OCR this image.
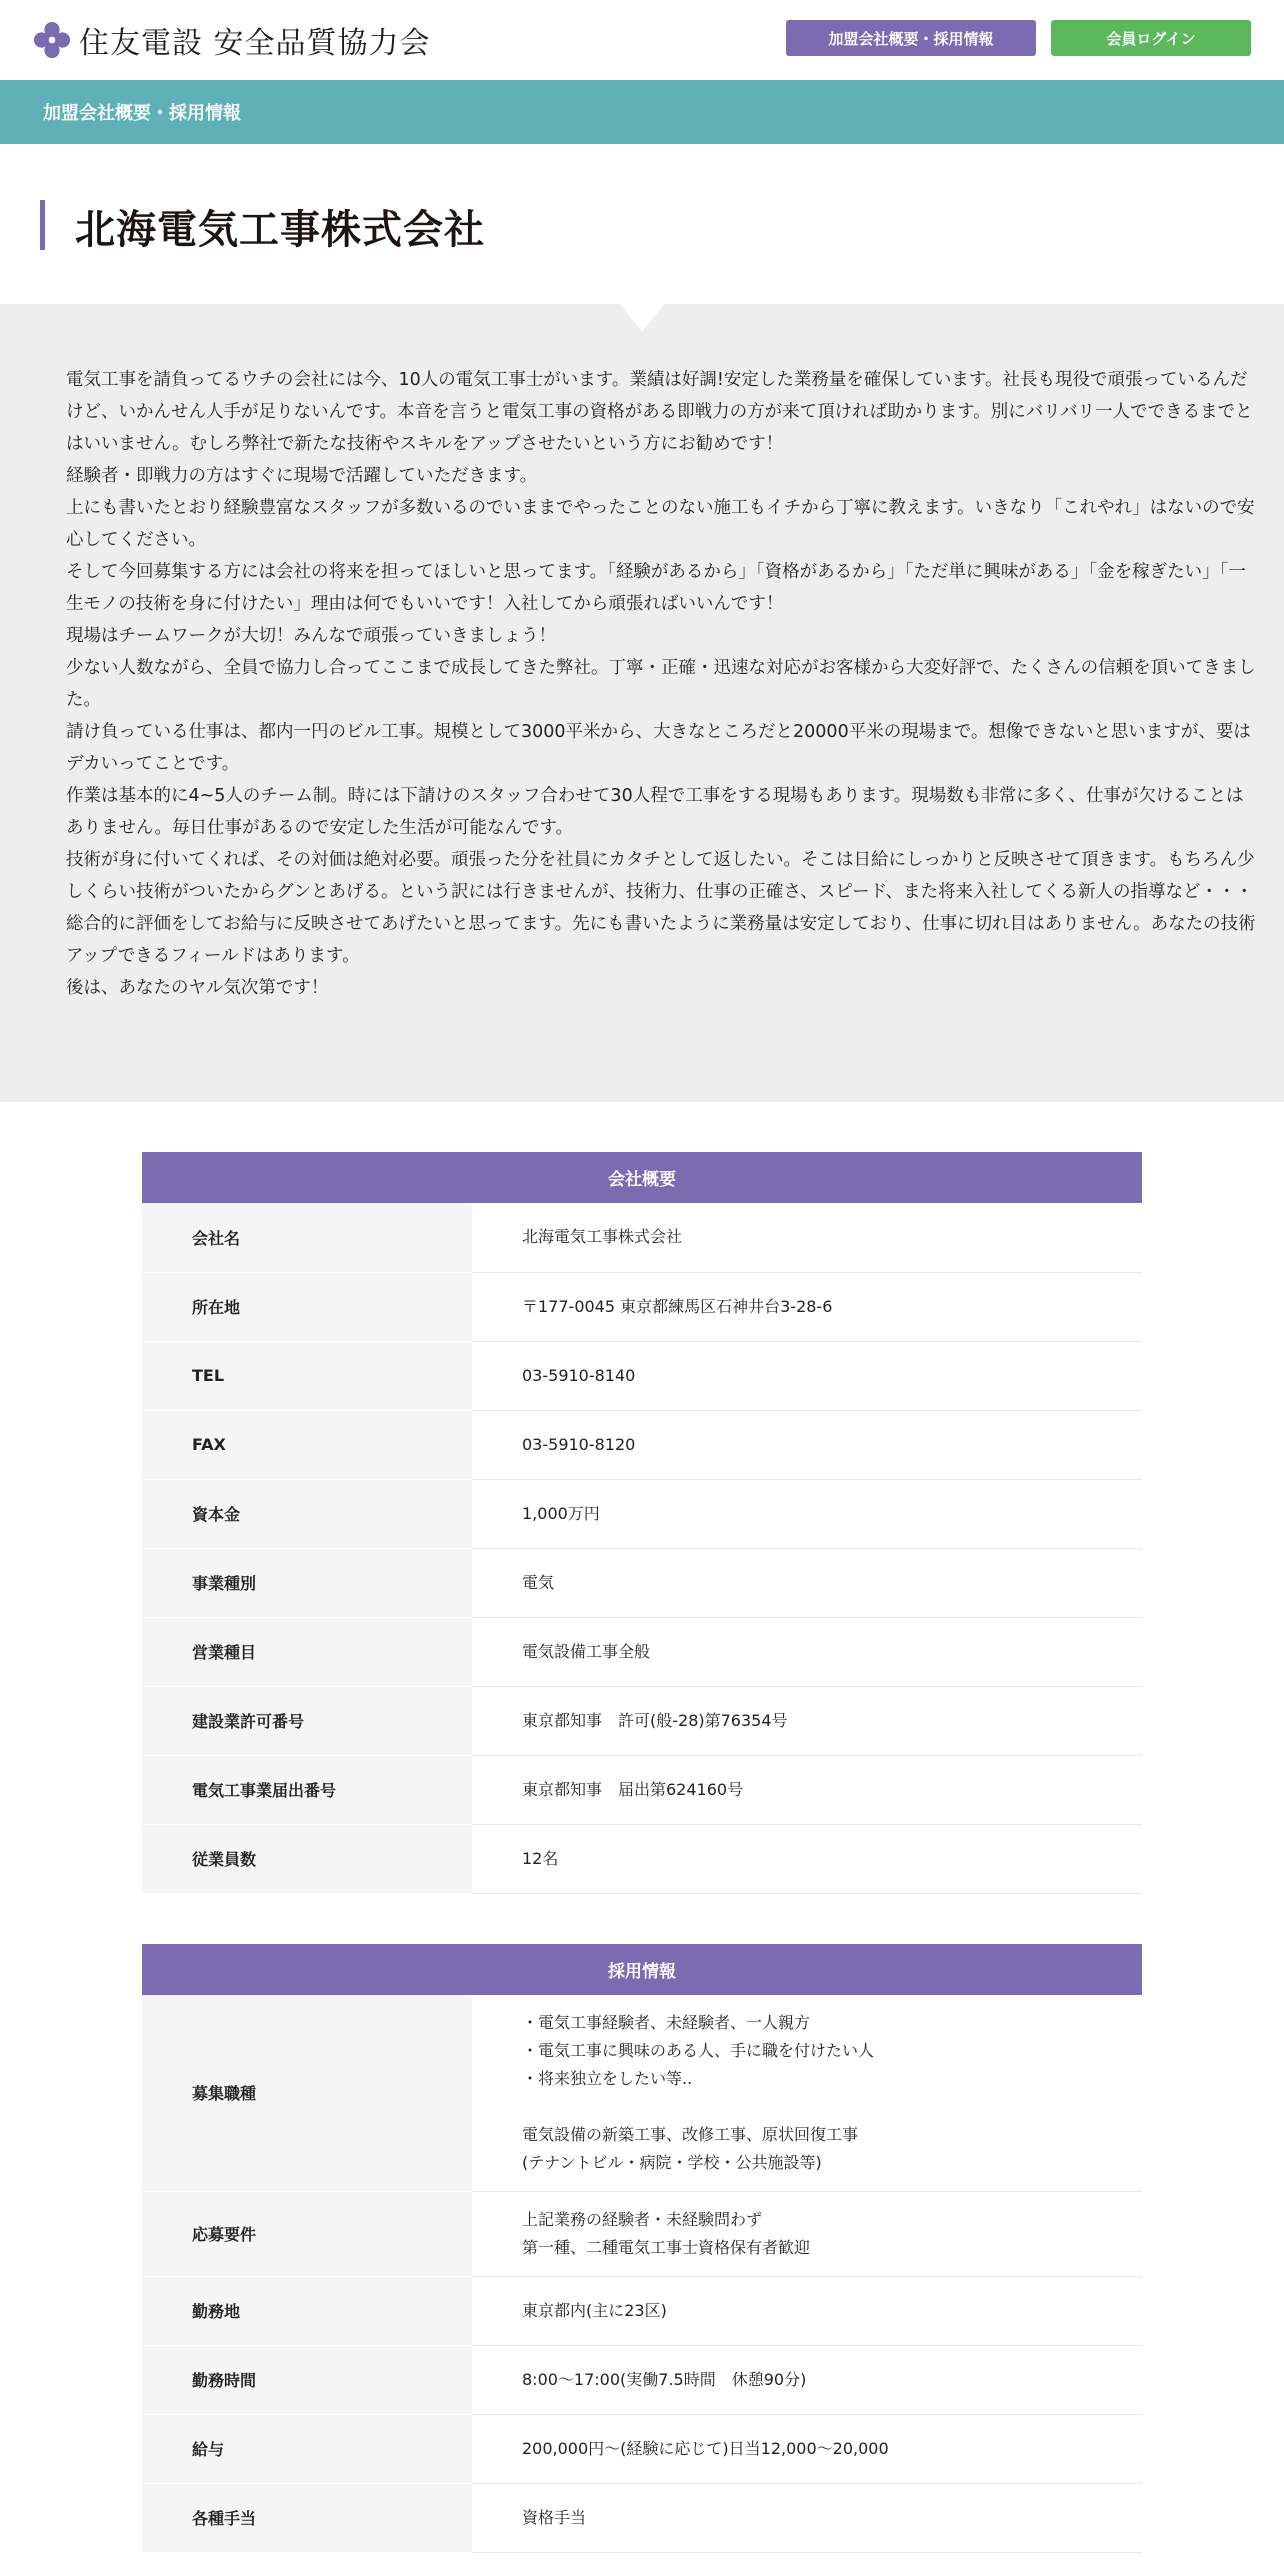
住友電設 安全品質協力会	加盟会社概要・採用情報	会員ログイン
加盟会社概要・採用情報
北海電気工事株式会社

電気工事を請負ってるウチの会社には今、10人の電気工事士がいます。業績は好調!安定した業務量を確保しています。社長も現役で頑張っているんだけど、いかんせん人手が足りないんです。本音を言うと電気工事の資格がある即戦力の方が来て頂ければ助かります。別にバリバリ一人でできるまでとはいいません。むしろ弊社で新たな技術やスキルをアップさせたいという方にお勧めです！

経験者・即戦力の方はすぐに現場で活躍していただきます。

上にも書いたとおり経験豊富なスタッフが多数いるのでいままでやったことのない施工もイチから丁寧に教えます。いきなり「これやれ」はないので安心してください。

そして今回募集する方には会社の将来を担ってほしいと思ってます。「経験があるから」「資格があるから」「ただ単に興味がある」「金を稼ぎたい」「一生モノの技術を身に付けたい」理由は何でもいいです！入社してから頑張ればいいんです！

現場はチームワークが大切！みんなで頑張っていきましょう！

少ない人数ながら、全員で協力し合ってここまで成長してきた弊社。丁寧・正確・迅速な対応がお客様から大変好評で、たくさんの信頼を頂いてきました。

請け負っている仕事は、都内一円のビル工事。規模として3000平米から、大きなところだと20000平米の現場まで。想像できないと思いますが、要はデカいってことです。

作業は基本的に4~5人のチーム制。時には下請けのスタッフ合わせて30人程で工事をする現場もあります。現場数も非常に多く、仕事が欠けることはありません。毎日仕事があるので安定した生活が可能なんです。

技術が身に付いてくれば、その対価は絶対必要。頑張った分を社員にカタチとして返したい。そこは日給にしっかりと反映させて頂きます。もちろん少しくらい技術がついたからグンとあげる。という訳には行きませんが、技術力、仕事の正確さ、スピード、また将来入社してくる新人の指導など・・・

総合的に評価をしてお給与に反映させてあげたいと思ってます。先にも書いたように業務量は安定しており、仕事に切れ目はありません。あなたの技術アップできるフィールドはあります。

後は、あなたのヤル気次第です！

会社概要	
会社名	北海電気工事株式会社
所在地	〒177-0045 東京都練馬区石神井台3-28-6
TEL	03-5910-8140
FAX	03-5910-8120
資本金	1,000万円
事業種別	電気
営業種目	電気設備工事全般
建設業許可番号	東京都知事　許可(般-28)第76354号
電気工事業届出番号	東京都知事　届出第624160号
従業員数	12名
採用情報	
募集職種	・電気工事経験者、未経験者、一人親方
・電気工事に興味のある人、手に職を付けたい人
・将来独立をしたい等..

電気設備の新築工事、改修工事、原状回復工事
(テナントビル・病院・学校・公共施設等)
応募要件	上記業務の経験者・未経験問わず
第一種、二種電気工事士資格保有者歓迎
勤務地	東京都内(主に23区)
勤務時間	8:00〜17:00(実働7.5時間　休憩90分)
給与	200,000円〜(経験に応じて)日当12,000〜20,000
各種手当	資格手当
